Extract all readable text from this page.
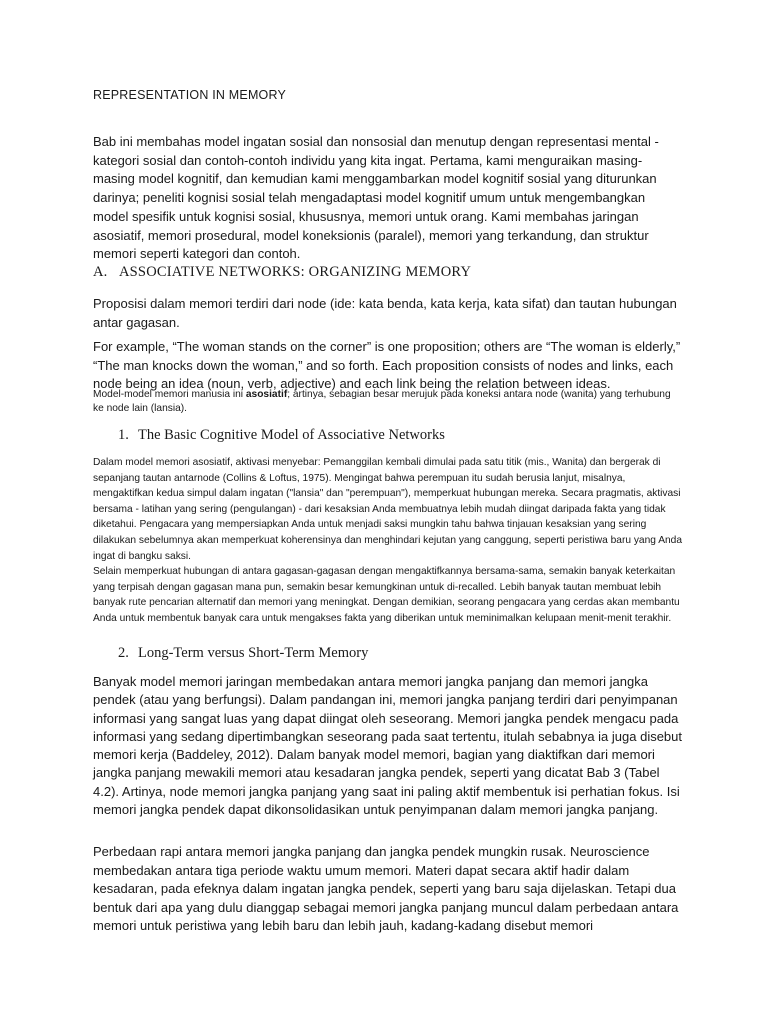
REPRESENTATION IN MEMORY

Bab ini membahas model ingatan sosial dan nonsosial dan menutup dengan representasi mental - kategori sosial dan contoh-contoh individu yang kita ingat. Pertama, kami menguraikan masing-masing model kognitif, dan kemudian kami menggambarkan model kognitif sosial yang diturunkan darinya; peneliti kognisi sosial telah mengadaptasi model kognitif umum untuk mengembangkan model spesifik untuk kognisi sosial, khususnya, memori untuk orang. Kami membahas jaringan asosiatif, memori prosedural, model koneksionis (paralel), memori yang terkandung, dan struktur memori seperti kategori dan contoh.

A. ASSOCIATIVE NETWORKS: ORGANIZING MEMORY

Proposisi dalam memori terdiri dari node (ide: kata benda, kata kerja, kata sifat) dan tautan hubungan antar gagasan.

For example, “The woman stands on the corner” is one proposition; others are “The woman is elderly,” “The man knocks down the woman,” and so forth. Each proposition consists of nodes and links, each node being an idea (noun, verb, adjective) and each link being the relation between ideas.

Model-model memori manusia ini asosiatif; artinya, sebagian besar merujuk pada koneksi antara node (wanita) yang terhubung ke node lain (lansia).

1. The Basic Cognitive Model of Associative Networks

Dalam model memori asosiatif, aktivasi menyebar: Pemanggilan kembali dimulai pada satu titik (mis., Wanita) dan bergerak di sepanjang tautan antarnode (Collins & Loftus, 1975). Mengingat bahwa perempuan itu sudah berusia lanjut, misalnya, mengaktifkan kedua simpul dalam ingatan ("lansia" dan "perempuan"), memperkuat hubungan mereka. Secara pragmatis, aktivasi bersama - latihan yang sering (pengulangan) - dari kesaksian Anda membuatnya lebih mudah diingat daripada fakta yang tidak diketahui. Pengacara yang mempersiapkan Anda untuk menjadi saksi mungkin tahu bahwa tinjauan kesaksian yang sering dilakukan sebelumnya akan memperkuat koherensinya dan menghindari kejutan yang canggung, seperti peristiwa baru yang Anda ingat di bangku saksi.

Selain memperkuat hubungan di antara gagasan-gagasan dengan mengaktifkannya bersama-sama, semakin banyak keterkaitan yang terpisah dengan gagasan mana pun, semakin besar kemungkinan untuk di-recalled. Lebih banyak tautan membuat lebih banyak rute pencarian alternatif dan memori yang meningkat. Dengan demikian, seorang pengacara yang cerdas akan membantu Anda untuk membentuk banyak cara untuk mengakses fakta yang diberikan untuk meminimalkan kelupaan menit-menit terakhir.

2. Long-Term versus Short-Term Memory

Banyak model memori jaringan membedakan antara memori jangka panjang dan memori jangka pendek (atau yang berfungsi). Dalam pandangan ini, memori jangka panjang terdiri dari penyimpanan informasi yang sangat luas yang dapat diingat oleh seseorang. Memori jangka pendek mengacu pada informasi yang sedang dipertimbangkan seseorang pada saat tertentu, itulah sebabnya ia juga disebut memori kerja (Baddeley, 2012). Dalam banyak model memori, bagian yang diaktifkan dari memori jangka panjang mewakili memori atau kesadaran jangka pendek, seperti yang dicatat Bab 3 (Tabel 4.2). Artinya, node memori jangka panjang yang saat ini paling aktif membentuk isi perhatian fokus. Isi memori jangka pendek dapat dikonsolidasikan untuk penyimpanan dalam memori jangka panjang.

Perbedaan rapi antara memori jangka panjang dan jangka pendek mungkin rusak. Neuroscience membedakan antara tiga periode waktu umum memori. Materi dapat secara aktif hadir dalam kesadaran, pada efeknya dalam ingatan jangka pendek, seperti yang baru saja dijelaskan. Tetapi dua bentuk dari apa yang dulu dianggap sebagai memori jangka panjang muncul dalam perbedaan antara memori untuk peristiwa yang lebih baru dan lebih jauh, kadang-kadang disebut memori
